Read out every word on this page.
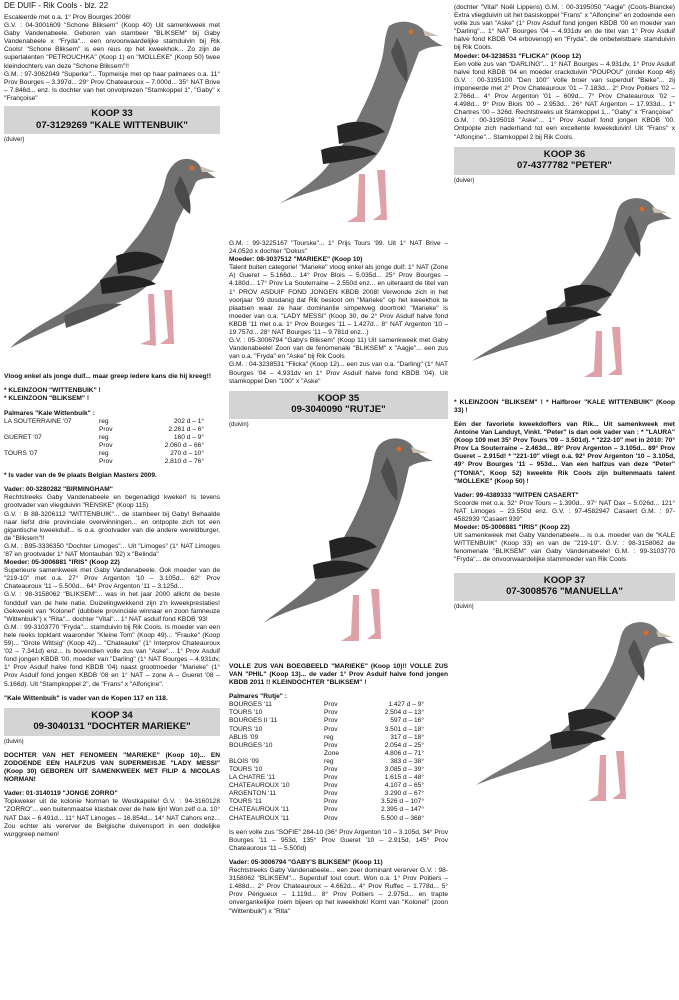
DE DUIF - Rik Cools - blz. 22

Escaleerde met o.a. 1° Prov Bourges 2006!

G.V. : 04-3001609 "Schone Bliksem" (Koop 40) Uit samenkweek met Gaby Vandenabeele. Geboren van stambeer "BLIKSEM" bij Gaby Vandenabeele x "Fryda"... een onvoorwaardelijke stamduivin bij Rik Cools! "Schone Bliksem" is een reus op het kweekhok... Zo zijn de supertalenten "PETROUCHKA" (Koop 1) en "MOLLEKE" (Koop 50) twee kleindochters van deze "Schone Bliksem"!!

G.M. : 97-3062049 "Superke"... Topmeisje met op haar palmares o.a. 11° Prov Bourges – 3.397d... 29° Prov Chateauroux – 7.000d... 35° NAT Brive – 7.846d... enz. Is dochter van het onvolprezen "Stamkoppel 1", "Gaby" x "Françoise"

KOOP 33
07-3129269 "KALE WITTENBUIK"
(duiver)

Vloog enkel als jonge duif... maar greep iedere kans die hij kreeg!!

* KLEINZOON "WITTENBUIK" !

* KLEINZOON "BLIKSEM" !

Palmares "Kale Wittenbuik" :

LA SOUTERRAINE '07	reg	202 d – 1°
	Prov	2.261 d – 6°
GUERET '07	reg	160 d – 9°
	Prov	2.060 d – 66°
TOURS '07	reg	270 d – 10°
	Prov	2.810 d – 76°

* Is vader van de 9e plaats Belgian Masters 2009.

Vader: 00-3280282 "BIRMINGHAM"

Rechtstreeks Gaby Vandenabeele en begenadigd kweker! Is tevens grootvader van vliegduivin "RENSKE" (Koop 115)

G.V. : B 88-3206112 "WITTENBUIK"... de stambeer bij Gaby! Behaalde naar liefst drie provinciale overwinningen... en ontpopte zich tot een gigantische kweekduif... is o.a. grootvader van die andere wereldburger, de "Bliksem"!!

G.M. : B95-3336350 "Dochter Limoges"... Uit "Limoges" (1° NAT Limoges '87 en grootvader 1° NAT Montauban '92) x "Belinda"

Moeder: 05-3006881 "IRIS" (Koop 22)

Superieure samenkweek met Gaby Vandenabeele. Ook moeder van de "219-10" met o.a. 27° Prov Argenton '10 – 3.105d... 62° Prov Chateauroux '11 – 5.500d... 64° Prov Argenton '11 – 3.125d...

G.V. : 98-3158062 "BLIKSEM"... was in het jaar 2000 allicht de beste fondduif van de hele natie. Duizelingwekkend zijn z'n kweekprestaties! Gekweekt van "Kolonel" (dubbele provinciale winnaar en zoon famneuze "Wittenbuik") x "Rita"... dochter "Vital"... 1° NAT asduif fond KBDB '93!

G.M. : 99-3103770 "Fryda"... stamduivin bij Rik Cools. Is moeder van een hele reeks topklant waaronder "Kleine Tom" (Koop 49)... "Frauke" (Koop 59)... "Grote Wittsig" (Koop 42)... "Chateauke" (1° Interprov Chateauroux '02 – 7.341d) enz... Is bovendien volle zus van "Aske"... 1° Prov Asduif fond jongen KBDB '00, moeder van "Darling" (1° NAT Bourges – 4.931dv, 1° Prov Asduif halve fond KBDB '04) naast grootmoeder "Marieke" (1° Prov Asduif fond jongen KBDB '08 en 1° NAT – zone A – Gueret '08 – 5.166d). Uit "Stampkoppel 2", de "Frans" x "Alfonçine".

"Kale Wittenbuik" is vader van de Kopen 117 en 118.

KOOP 34
09-3040131 "DOCHTER MARIEKE"
(duivin)

DOCHTER VAN HET FENOMEEN "MARIEKE" (Koop 10)... EN ZODOENDE EEN HALFZUS VAN SUPERMEISJE "LADY MESSI" (Koop 30) GEBOREN UIT SAMENKWEEK MET FILIP & NICOLAS NORMAN!

Vader: 01-3140119 "JONGE ZORRO"

Topkweker uit de kolonie Norman te Westkapelle! G.V. : 94-3160128 "ZORRO"... een buitenmaatse klasbak over de hele lijn! Won zelf o.a. 10° NAT Dax – 6.491d... 11° NAT Limoges – 16.854d... 14° NAT Cahors enz... Zou echter als vererver de Belgische duivensport in een dodelijke wurggreep nemen!

G.M. : 99-3225167 "Tourske"... 1° Prijs Tours '99. Uit 1° NAT Brive – 24.052d x dochter "Dokus"

Moeder: 08-3037512 "MARIEKE" (Koop 10)

Talent buiten categorie! "Marieke" vloog enkel als jonge duif: 1° NAT (Zone A) Gueret – 5.166d... 14° Prov Blois – 5.035d... 25° Prov Bourges – 4.180d... 17° Prov La Souterraine – 2.550d enz... en uiteraard de titel van 1° PROV ASDUIF FOND JONGEN KBDB 2008! Verwonde zich in het voorjaar '09 dusdanig dat Rik besloot om "Marieke" op het kweekhok te plaatsen waar ze haar dominantie simpelweg doortrok! "Marieke" is moeder van o.a. "LADY MESSI" (Koop 30, de 2° Prov Asduif halve fond KBDB '11 met o.a. 1° Prov Bourges '11 – 1.427d... 8° NAT Argenton '10 – 19.757d... 28° NAT Bourges '11 – 9.781d enz...)

G.V. : 05-3006794 "Gaby's Bliksem" (Koop 11) Uit samenkweek met Gaby Vandenabeele! Zoon van de fenomenale "BLIKSEM" x "Aagje"... een zus van o.a. "Fryda" en "Aske" bij Rik Cools

G.M. : 04-3238531 "Flicka" (Koop 12)... een zus van o.a. "Darling" (1° NAT Bourges '04 – 4.931dv en 1° Prov Asduif halve fond KBDB '04). Uit stamkoppel Den "100" x "Aske"

KOOP 35
09-3040090 "RUTJE"
(duivin)

VOLLE ZUS VAN BOEGBEELD "MARIEKE" (Koop 10)!! VOLLE ZUS VAN "PHIL" (Koop 13)... de vader 1° Prov Asduif halve fond jongen KBDB 2011 !! KLEINDOCHTER "BLIKSEM" !

Palmares "Rutje" :

BOURGES '11	Prov	1.427 d – 9°
TOURS '10	Prov	2.504 d – 13°
BOURGES II '11	Prov	597 d – 16°
TOURS '10	Prov	3.501 d – 18°
ABLIS '09	reg	317 d – 18°
BOURGES '10	Prov	2.054 d – 25°
	Zone	4.806 d – 71°
BLOIS '09	reg	383 d – 38°
TOURS '10	Prov	3.085 d – 39°
LA CHATRE '11	Prov	1.615 d – 48°
CHATEAUROUX '10	Prov	4.107 d – 65°
ARGENTON '11	Prov	3.290 d – 67°
TOURS '11	Prov	3.526 d – 107°
CHATEAUROUX '11	Prov	2.395 d – 147°
CHATEAUROUX '11	Prov	5.500 d – 368°

Is een volle zus "SOFIE" 284-10 (36° Prov Argenton '10 – 3.105d, 34° Prov Bourges '11 – 953d, 135° Prov Gueret '10 – 2.915d, 145° Prov Chateauroux '11 – 5.500d)

Vader: 05-3006794 "GABY'S BLIKSEM" (Koop 11)

Rechtstreeks Gaby Vandenabeele... een zeer dominant vererver G.V. : 98-3158062 "BLIKSEM"... Superduif tout court. Won o.a. 1° Prov Poitiers – 1.488d... 2° Prov Chateauroux – 4.662d... 4° Prov Ruffec – 1.778d... 5° Prov Périgueux – 1.119d... 8° Prov Poitiers – 2.975d... en trapte onvergankelijke roem bijeen op het kweekhok! Komt van "Kolonel" (zoon "Wittenbuik") x "Rita"

(dochter "Vital" Noël Lippens) G.M. : 00-3195050 "Aagje" (Cools-Blancke) Extra vliegduivin uit het basiskoppel "Frans" x "Alfonçine" en zodoende een volle zus van "Aske" (1° Prov Asduif fond jongen KBDB '00 en moeder van "Darling"... 1° NAT Bourges '04 – 4.931dv en de titel van 1° Prov Asduif halve fond KBDB '04 erbovenop) en "Fryda", de onbetwistbare stamduivin bij Rik Cools.

Moeder: 04-3238531 "FLICKA" (Koop 12)

Een volle zus van "DARLING"... 1° NAT Bourges – 4.931dv, 1° Prov Asduif halve fond KBDB '04 en moeder crackduivin "POUPOU" (onder Koop 46) G.V. : 00-3195100 "Den 100" Volle broer van superduif "Bieke"... zij imponeerde met 2° Prov Chateauroux '01 – 7.183d... 2° Prov Poitiers '02 – 2.766d... 4° Prov Argenton '01 – 609d... 7° Prov Chateauroux '02 – 4.498d... 9° Prov Blois '00 – 2.953d... 26° NAT Argenton – 17.933d... 1° Chartres '00 – 326d. Rechtstreeks uit Stamkoppel 1... "Gaby" x "Françoise"

G.M. : 00-3195018 "Aske"... 1° Prov Asduif fond jongen KBDB '00. Ontpopte zich naderhand tot een excellente kweekduivin! Uit "Frans" x "Alfonçine"... Stamkoppel 2 bij Rik Cools.

KOOP 36
07-4377782 "PETER"
(duiver)

* KLEINZOON "BLIKSEM" ! * Halfbroer "KALE WITTENBUIK" (Koop 33) !

Eén der favoriete kweekdoffers van Rik... Uit samenkweek met Antoine Van Landuyt, Vinkt. "Peter" is dan ook vader van : * "LAURA" (Koop 109 met 35° Prov Tours '09 – 3.501d). * "222-10" met in 2010: 70° Prov La Souterraine – 2.463d... 89° Prov Argenton – 3.105d... 89° Prov Gueret – 2.915d! * "221-10" vliegt o.a. 92° Prov Argenton '10 – 3.105d, 49° Prov Bourges '11 – 953d... Van een halfzus van deze "Peter" ("TONIA", Koop 52) kweekte Rik Cools zijn buitenmaats talent "MOLLEKE" (Koop 50) !

Vader: 99-4389333 "WITPEN CASAERT"

Scoorde met o.a. 32° Prov Tours – 1.390d... 97° NAT Dax – 5.026d... 121° NAT Limoges – 23.550d enz. G.V. : 97-4582947 Casaert G.M. : 97-4582939 "Casaert 939"

Moeder: 05-3006881 "IRIS" (Koop 22)

Uit samenkweek met Gaby Vandenabeele... is o.a. moeder van de "KALE WITTENBUIK" (Koop 33) en van de "219-10". G.V. : 98-3158062 de fenomenale "BLIKSEM" van Gaby Vandenabeele! G.M. : 99-3103770 "Fryda"... de onvoorwaardelijke stammoeder van Rik Cools

KOOP 37
07-3008576 "MANUELLA"
(duivin)
